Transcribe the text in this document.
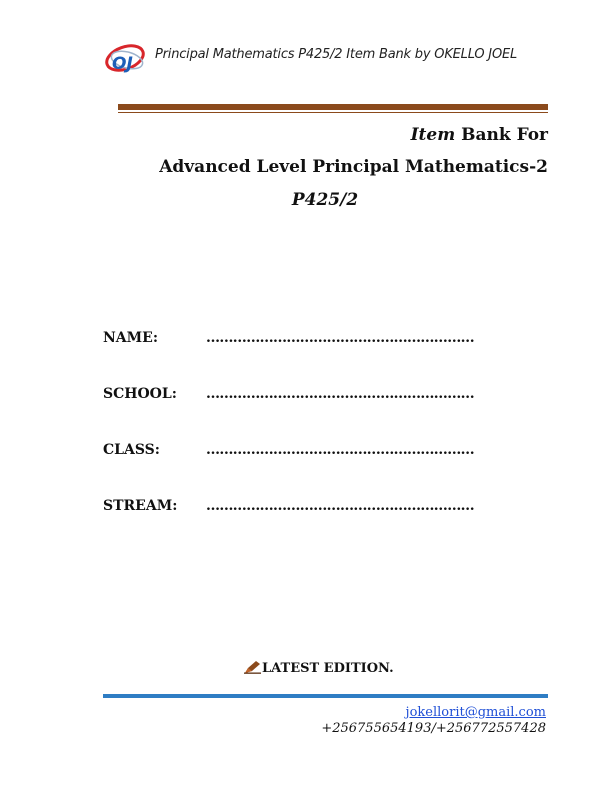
OJ Principal Mathematics P425/2 Item Bank by OKELLO JOEL
Item Bank For
Advanced Level Principal Mathematics-2
P425/2
NAME:	……………………………………………………
SCHOOL: ……………………………………………………
CLASS:	……………………………………………………
STREAM: ……………………………………………………
LATEST EDITION.
jokellorit@gmail.com
+256755654193/+256772557428
